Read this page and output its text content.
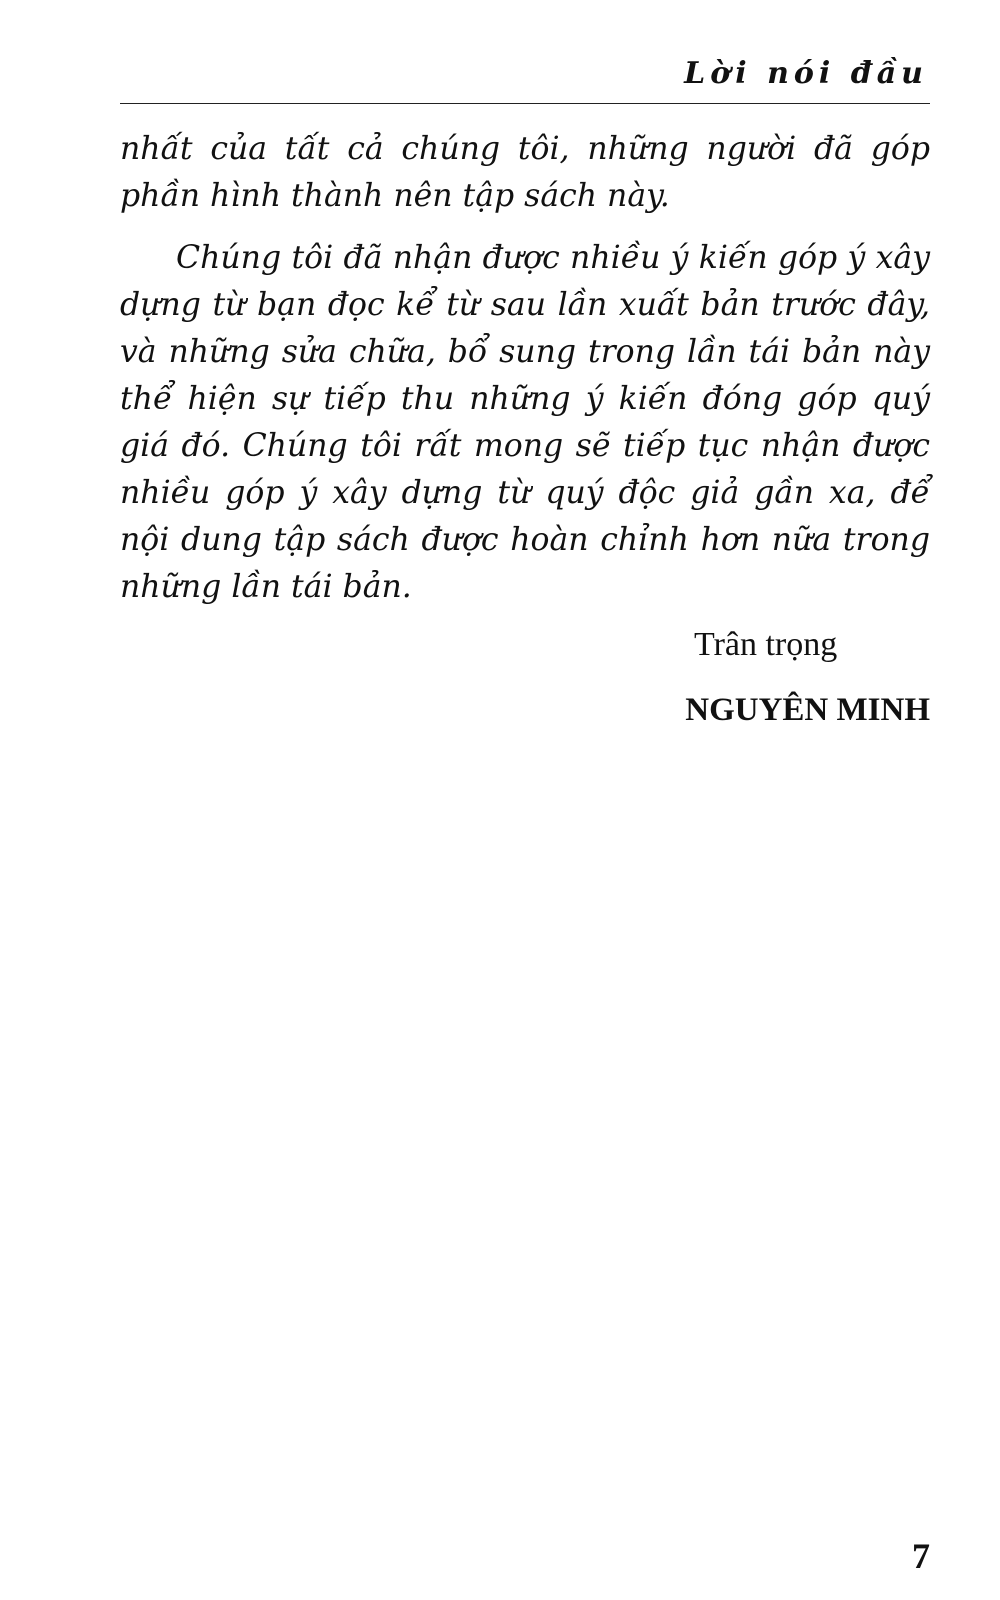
Lời nói đầu

nhất của tất cả chúng tôi, những người đã góp phần hình thành nên tập sách này.

Chúng tôi đã nhận được nhiều ý kiến góp ý xây dựng từ bạn đọc kể từ sau lần xuất bản trước đây, và những sửa chữa, bổ sung trong lần tái bản này thể hiện sự tiếp thu những ý kiến đóng góp quý giá đó. Chúng tôi rất mong sẽ tiếp tục nhận được nhiều góp ý xây dựng từ quý độc giả gần xa, để nội dung tập sách được hoàn chỉnh hơn nữa trong những lần tái bản.

Trân trọng
NGUYÊN MINH
7
